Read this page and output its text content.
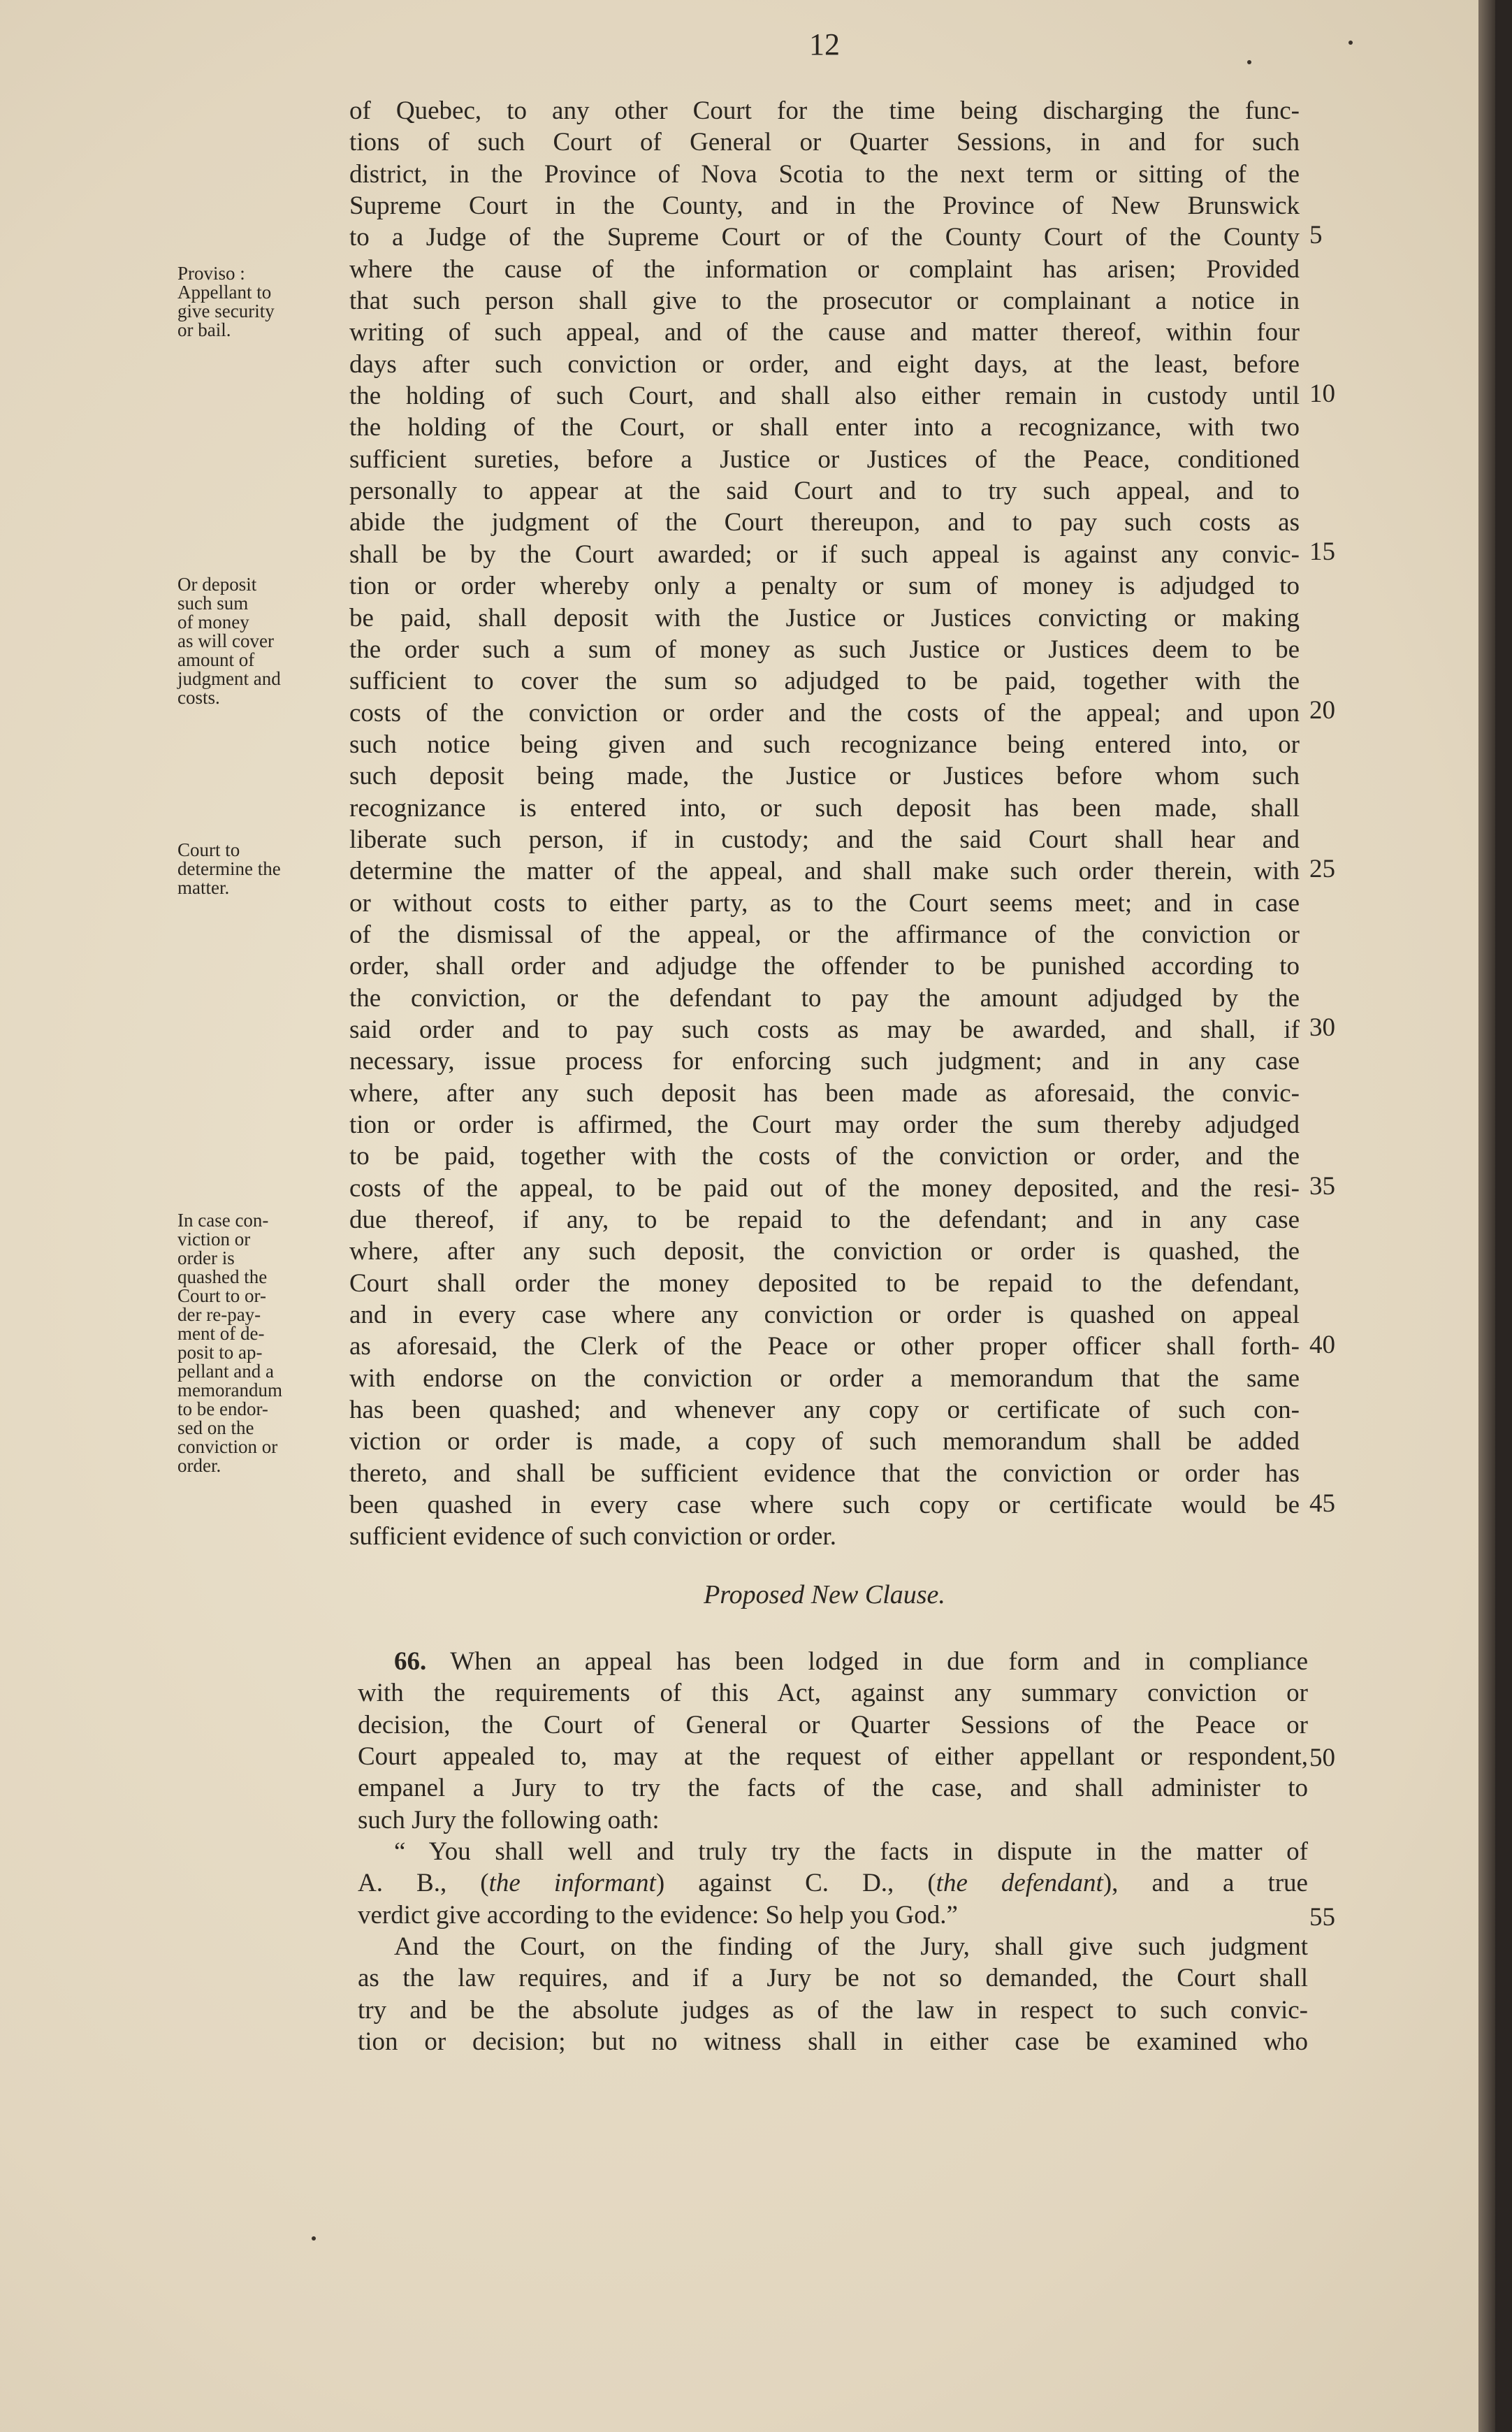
12
of Quebec, to any other Court for the time being discharging the func-
tions of such Court of General or Quarter Sessions, in and for such
district, in the Province of Nova Scotia to the next term or sitting of the
Supreme Court in the County, and in the Province of New Brunswick
to a Judge of the Supreme Court or of the County Court of the County
where the cause of the information or complaint has arisen; Provided
that such person shall give to the prosecutor or complainant a notice in
writing of such appeal, and of the cause and matter thereof, within four
days after such conviction or order, and eight days, at the least, before
the holding of such Court, and shall also either remain in custody until
the holding of the Court, or shall enter into a recognizance, with two
sufficient sureties, before a Justice or Justices of the Peace, conditioned
personally to appear at the said Court and to try such appeal, and to
abide the judgment of the Court thereupon, and to pay such costs as
shall be by the Court awarded; or if such appeal is against any convic-
tion or order whereby only a penalty or sum of money is adjudged to
be paid, shall deposit with the Justice or Justices convicting or making
the order such a sum of money as such Justice or Justices deem to be
sufficient to cover the sum so adjudged to be paid, together with the
costs of the conviction or order and the costs of the appeal; and upon
such notice being given and such recognizance being entered into, or
such deposit being made, the Justice or Justices before whom such
recognizance is entered into, or such deposit has been made, shall
liberate such person, if in custody; and the said Court shall hear and
determine the matter of the appeal, and shall make such order therein, with
or without costs to either party, as to the Court seems meet; and in case
of the dismissal of the appeal, or the affirmance of the conviction or
order, shall order and adjudge the offender to be punished according to
the conviction, or the defendant to pay the amount adjudged by the
said order and to pay such costs as may be awarded, and shall, if
necessary, issue process for enforcing such judgment; and in any case
where, after any such deposit has been made as aforesaid, the convic-
tion or order is affirmed, the Court may order the sum thereby adjudged
to be paid, together with the costs of the conviction or order, and the
costs of the appeal, to be paid out of the money deposited, and the resi-
due thereof, if any, to be repaid to the defendant; and in any case
where, after any such deposit, the conviction or order is quashed, the
Court shall order the money deposited to be repaid to the defendant,
and in every case where any conviction or order is quashed on appeal
as aforesaid, the Clerk of the Peace or other proper officer shall forth-
with endorse on the conviction or order a memorandum that the same
has been quashed; and whenever any copy or certificate of such con-
viction or order is made, a copy of such memorandum shall be added
thereto, and shall be sufficient evidence that the conviction or order has
been quashed in every case where such copy or certificate would be
sufficient evidence of such conviction or order.
Proviso :
Appellant to
give security
or bail.
Or deposit
such sum
of money
as will cover
amount of
judgment and
costs.
Court to
determine the
matter.
In case con-
viction or
order is
quashed the
Court to or-
der re-pay-
ment of de-
posit to ap-
pellant and a
memorandum
to be endor-
sed on the
conviction or
order.
5
10
15
20
25
30
35
40
45
50
55
Proposed New Clause.
66. When an appeal has been lodged in due form and in compliance
with the requirements of this Act, against any summary conviction or
decision, the Court of General or Quarter Sessions of the Peace or
Court appealed to, may at the request of either appellant or respondent,
empanel a Jury to try the facts of the case, and shall administer to
such Jury the following oath:
“ You shall well and truly try the facts in dispute in the matter of
A. B., (the informant) against C. D., (the defendant), and a true
verdict give according to the evidence: So help you God.”
And the Court, on the finding of the Jury, shall give such judgment
as the law requires, and if a Jury be not so demanded, the Court shall
try and be the absolute judges as of the law in respect to such convic-
tion or decision; but no witness shall in either case be examined who
